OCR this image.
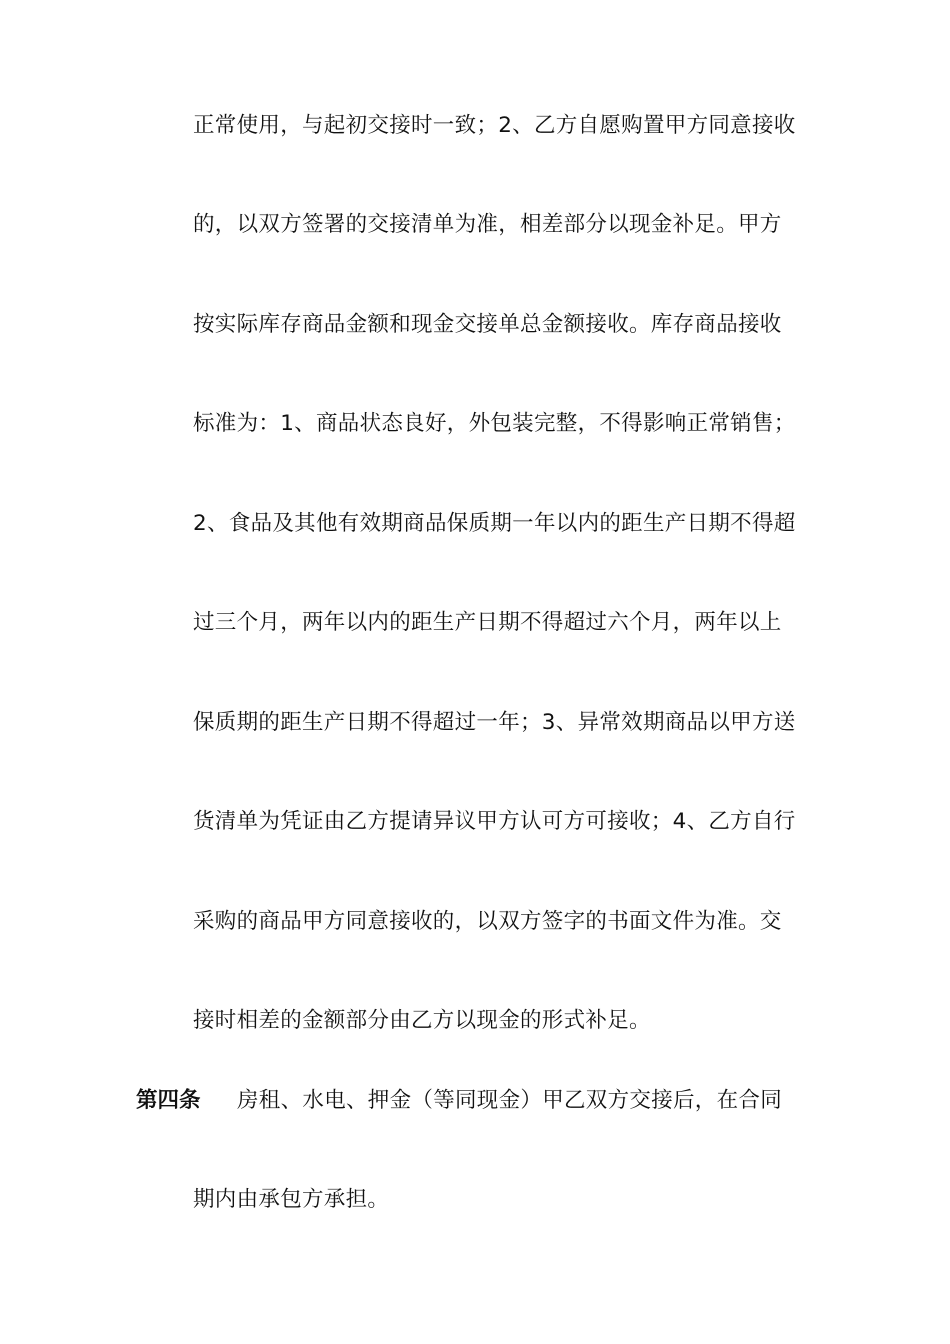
正常使用，与起初交接时一致；2、乙方自愿购置甲方同意接收
的，以双方签署的交接清单为准，相差部分以现金补足。甲方
按实际库存商品金额和现金交接单总金额接收。库存商品接收
标准为：1、商品状态良好，外包装完整，不得影响正常销售；
2、食品及其他有效期商品保质期一年以内的距生产日期不得超
过三个月，两年以内的距生产日期不得超过六个月，两年以上
保质期的距生产日期不得超过一年；3、异常效期商品以甲方送
货清单为凭证由乙方提请异议甲方认可方可接收；4、乙方自行
采购的商品甲方同意接收的，以双方签字的书面文件为准。交
接时相差的金额部分由乙方以现金的形式补足。
第四条 房租、水电、押金（等同现金）甲乙双方交接后，在合同
期内由承包方承担。
